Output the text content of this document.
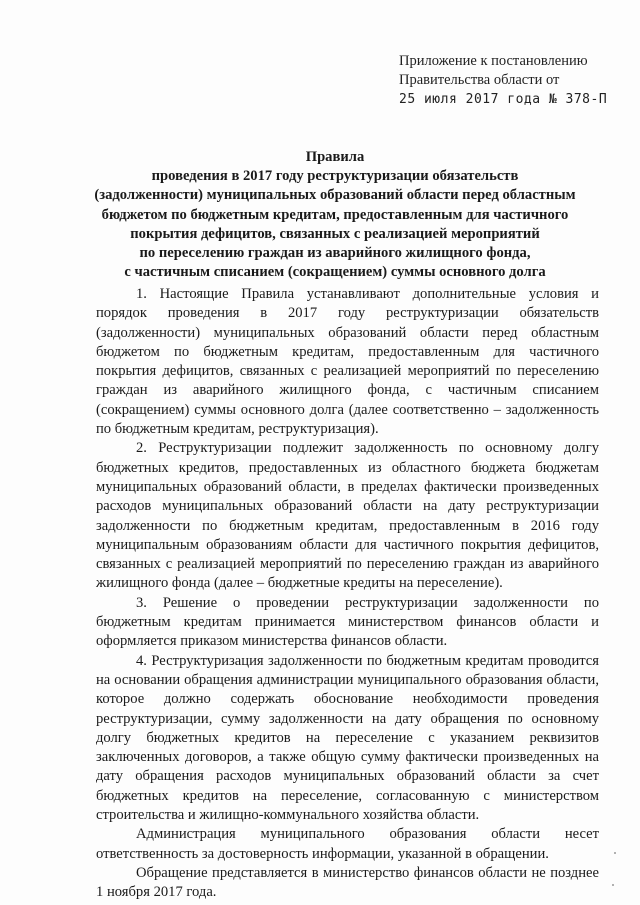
Приложение к постановлению
Правительства области от
25 июля 2017 года № 378-П
Правила
проведения в 2017 году реструктуризации обязательств
(задолженности) муниципальных образований области перед областным
бюджетом по бюджетным кредитам, предоставленным для частичного
покрытия дефицитов, связанных с реализацией мероприятий
по переселению граждан из аварийного жилищного фонда,
с частичным списанием (сокращением) суммы основного долга

1. Настоящие Правила устанавливают дополнительные условия и порядок проведения в 2017 году реструктуризации обязательств (задолженности) муниципальных образований области перед областным бюджетом по бюджетным кредитам, предоставленным для частичного покрытия дефицитов, связанных с реализацией мероприятий по переселению граждан из аварийного жилищного фонда, с частичным списанием (сокращением) суммы основного долга (далее соответственно – задолженность по бюджетным кредитам, реструктуризация).

2. Реструктуризации подлежит задолженность по основному долгу бюджетных кредитов, предоставленных из областного бюджета бюджетам муниципальных образований области, в пределах фактически произведенных расходов муниципальных образований области на дату реструктуризации задолженности по бюджетным кредитам, предоставленным в 2016 году муниципальным образованиям области для частичного покрытия дефицитов, связанных с реализацией мероприятий по переселению граждан из аварийного жилищного фонда (далее – бюджетные кредиты на переселение).

3. Решение о проведении реструктуризации задолженности по бюджетным кредитам принимается министерством финансов области и оформляется приказом министерства финансов области.

4. Реструктуризация задолженности по бюджетным кредитам проводится на основании обращения администрации муниципального образования области, которое должно содержать обоснование необходимости проведения реструктуризации, сумму задолженности на дату обращения по основному долгу бюджетных кредитов на переселение с указанием реквизитов заключенных договоров, а также общую сумму фактически произведенных на дату обращения расходов муниципальных образований области за счет бюджетных кредитов на переселение, согласованную с министерством строительства и жилищно-коммунального хозяйства области.

Администрация муниципального образования области несет ответственность за достоверность информации, указанной в обращении.

Обращение представляется в министерство финансов области не позднее 1 ноября 2017 года.
